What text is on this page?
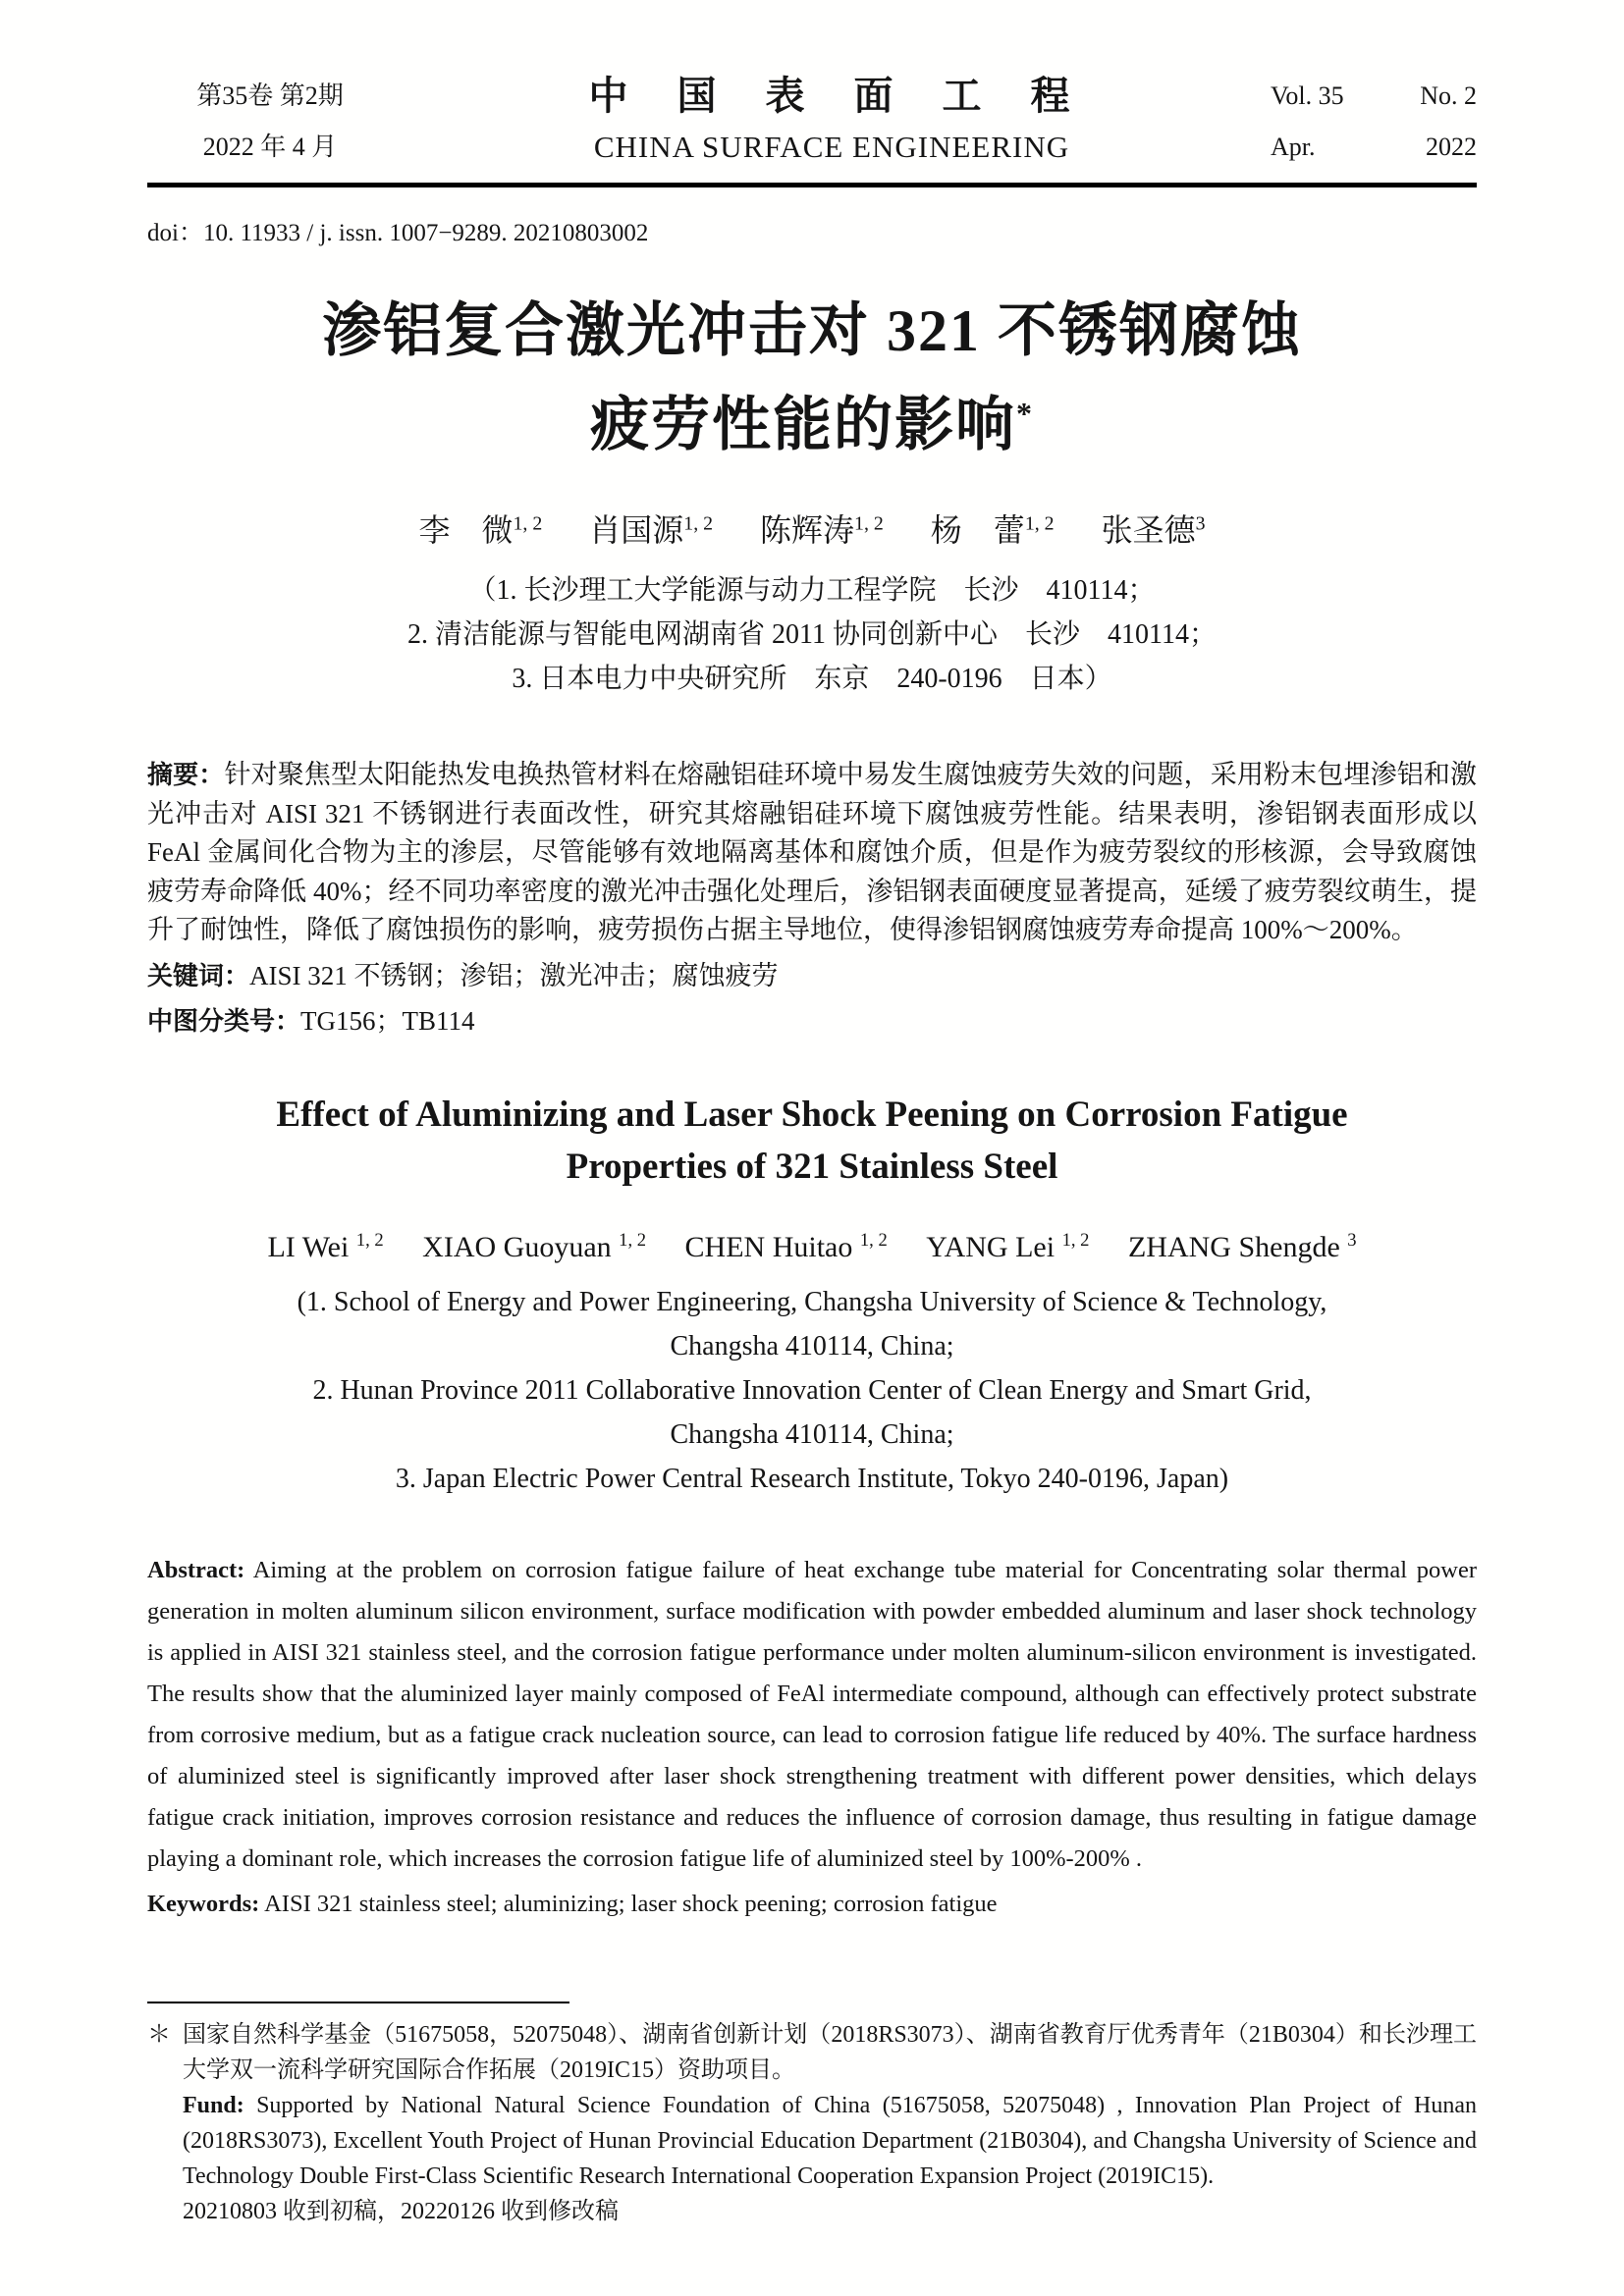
第35卷 第2期
2022 年 4 月
中　国　表　面　工　程
CHINA SURFACE ENGINEERING
Vol. 35	No. 2
Apr.	2022
doi：10. 11933 / j. issn. 1007−9289. 20210803002
渗铝复合激光冲击对 321 不锈钢腐蚀
疲劳性能的影响*
李　微$^{1, 2}$ 肖国源$^{1, 2}$ 陈辉涛$^{1, 2}$ 杨　蕾$^{1, 2}$ 张圣德$^3$
（1. 长沙理工大学能源与动力工程学院　长沙　410114；
2. 清洁能源与智能电网湖南省 2011 协同创新中心　长沙　410114；
3. 日本电力中央研究所　东京　240-0196　日本）

摘要：针对聚焦型太阳能热发电换热管材料在熔融铝硅环境中易发生腐蚀疲劳失效的问题，采用粉末包埋渗铝和激光冲击对 AISI 321 不锈钢进行表面改性，研究其熔融铝硅环境下腐蚀疲劳性能。结果表明，渗铝钢表面形成以 FeAl 金属间化合物为主的渗层，尽管能够有效地隔离基体和腐蚀介质，但是作为疲劳裂纹的形核源，会导致腐蚀疲劳寿命降低 40%；经不同功率密度的激光冲击强化处理后，渗铝钢表面硬度显著提高，延缓了疲劳裂纹萌生，提升了耐蚀性，降低了腐蚀损伤的影响，疲劳损伤占据主导地位，使得渗铝钢腐蚀疲劳寿命提高 100%～200%。

关键词：AISI 321 不锈钢；渗铝；激光冲击；腐蚀疲劳

中图分类号：TG156；TB114

Effect of Aluminizing and Laser Shock Peening on Corrosion Fatigue
Properties of 321 Stainless Steel
LI Wei $^{1, 2}$ XIAO Guoyuan $^{1, 2}$ CHEN Huitao $^{1, 2}$ YANG Lei $^{1, 2}$ ZHANG Shengde $^3$
(1. School of Energy and Power Engineering, Changsha University of Science & Technology,
Changsha 410114, China;
2. Hunan Province 2011 Collaborative Innovation Center of Clean Energy and Smart Grid,
Changsha 410114, China;
3. Japan Electric Power Central Research Institute, Tokyo 240-0196, Japan)

Abstract: Aiming at the problem on corrosion fatigue failure of heat exchange tube material for Concentrating solar thermal power generation in molten aluminum silicon environment, surface modification with powder embedded aluminum and laser shock technology is applied in AISI 321 stainless steel, and the corrosion fatigue performance under molten aluminum-silicon environment is investigated. The results show that the aluminized layer mainly composed of FeAl intermediate compound, although can effectively protect substrate from corrosive medium, but as a fatigue crack nucleation source, can lead to corrosion fatigue life reduced by 40%. The surface hardness of aluminized steel is significantly improved after laser shock strengthening treatment with different power densities, which delays fatigue crack initiation, improves corrosion resistance and reduces the influence of corrosion damage, thus resulting in fatigue damage playing a dominant role, which increases the corrosion fatigue life of aluminized steel by 100%-200% .

Keywords: AISI 321 stainless steel; aluminizing; laser shock peening; corrosion fatigue

＊ 国家自然科学基金（51675058，52075048）、湖南省创新计划（2018RS3073）、湖南省教育厅优秀青年（21B0304）和长沙理工大学双一流科学研究国际合作拓展（2019IC15）资助项目。

Fund: Supported by National Natural Science Foundation of China (51675058, 52075048) , Innovation Plan Project of Hunan (2018RS3073), Excellent Youth Project of Hunan Provincial Education Department (21B0304), and Changsha University of Science and Technology Double First-Class Scientific Research International Cooperation Expansion Project (2019IC15).

20210803 收到初稿，20220126 收到修改稿
